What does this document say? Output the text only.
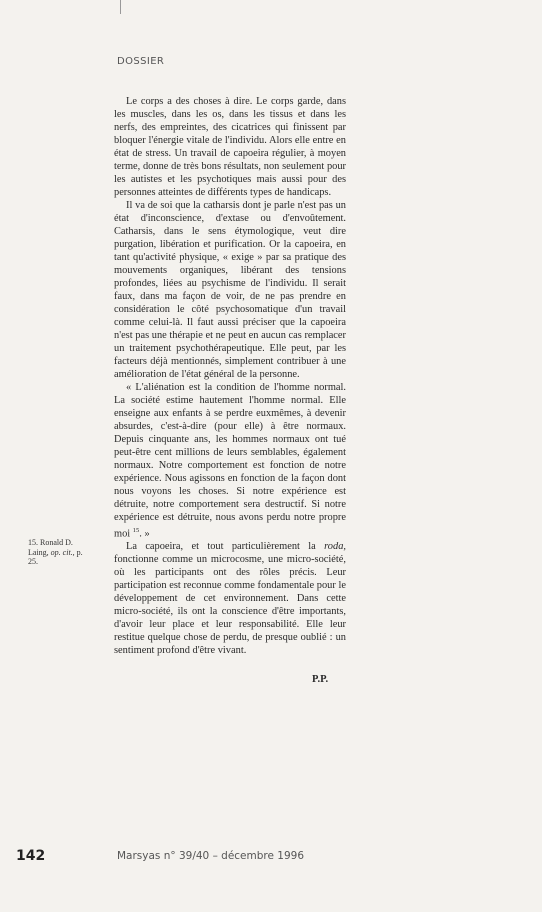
DOSSIER

Le corps a des choses à dire. Le corps garde, dans les muscles, dans les os, dans les tissus et dans les nerfs, des empreintes, des cicatrices qui finissent par bloquer l'énergie vitale de l'individu. Alors elle entre en état de stress. Un travail de capoeira régulier, à moyen terme, donne de très bons résultats, non seulement pour les autistes et les psychotiques mais aussi pour des personnes atteintes de différents types de handicaps.

Il va de soi que la catharsis dont je parle n'est pas un état d'inconscience, d'extase ou d'envoûtement. Catharsis, dans le sens étymologique, veut dire purgation, libération et purification. Or la capoeira, en tant qu'activité physique, « exige » par sa pratique des mouvements organiques, libérant des tensions profondes, liées au psychisme de l'individu. Il serait faux, dans ma façon de voir, de ne pas prendre en considération le côté psychosomatique d'un travail comme celui-là. Il faut aussi préciser que la capoeira n'est pas une thérapie et ne peut en aucun cas remplacer un traitement psychothérapeutique. Elle peut, par les facteurs déjà mentionnés, simplement contribuer à une amélioration de l'état général de la personne.

« L'aliénation est la condition de l'homme normal. La société estime hautement l'homme normal. Elle enseigne aux enfants à se perdre euxmêmes, à devenir absurdes, c'est-à-dire (pour elle) à être normaux. Depuis cinquante ans, les hommes normaux ont tué peut-être cent millions de leurs semblables, également normaux. Notre comportement est fonction de notre expérience. Nous agissons en fonction de la façon dont nous voyons les choses. Si notre expérience est détruite, notre comportement sera destructif. Si notre expérience est détruite, nous avons perdu notre propre moi $^{15}$. »

La capoeira, et tout particulièrement la roda, fonctionne comme un microcosme, une micro-société, où les participants ont des rôles précis. Leur participation est reconnue comme fondamentale pour le développement de cet environnement. Dans cette micro-société, ils ont la conscience d'être importants, d'avoir leur place et leur responsabilité. Elle leur restitue quelque chose de perdu, de presque oublié : un sentiment profond d'être vivant.

P.P.
15. Ronald D. Laing, op. cit., p. 25.
142	Marsyas n° 39/40 – décembre 1996
